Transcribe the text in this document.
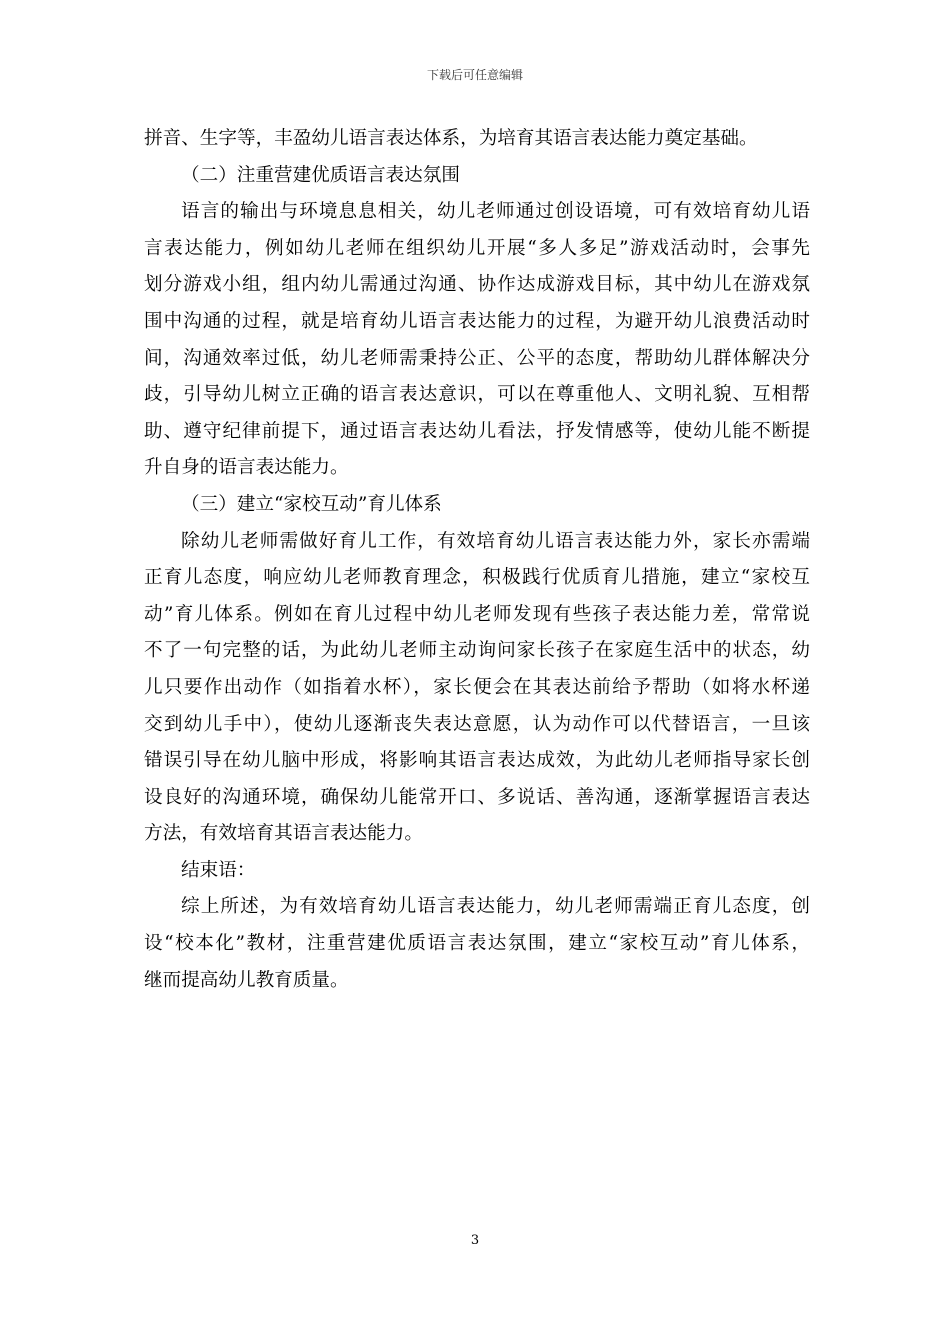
下载后可任意编辑
拼音、生字等，丰盈幼儿语言表达体系，为培育其语言表达能力奠定基础。
（二）注重营建优质语言表达氛围
语言的输出与环境息息相关，幼儿老师通过创设语境，可有效培育幼儿语
言表达能力，例如幼儿老师在组织幼儿开展“多人多足”游戏活动时，会事先
划分游戏小组，组内幼儿需通过沟通、协作达成游戏目标，其中幼儿在游戏氛
围中沟通的过程，就是培育幼儿语言表达能力的过程，为避开幼儿浪费活动时
间，沟通效率过低，幼儿老师需秉持公正、公平的态度，帮助幼儿群体解决分
歧，引导幼儿树立正确的语言表达意识，可以在尊重他人、文明礼貌、互相帮
助、遵守纪律前提下，通过语言表达幼儿看法，抒发情感等，使幼儿能不断提
升自身的语言表达能力。
（三）建立“家校互动”育儿体系
除幼儿老师需做好育儿工作，有效培育幼儿语言表达能力外，家长亦需端
正育儿态度，响应幼儿老师教育理念，积极践行优质育儿措施，建立“家校互
动”育儿体系。例如在育儿过程中幼儿老师发现有些孩子表达能力差，常常说
不了一句完整的话，为此幼儿老师主动询问家长孩子在家庭生活中的状态，幼
儿只要作出动作（如指着水杯），家长便会在其表达前给予帮助（如将水杯递
交到幼儿手中），使幼儿逐渐丧失表达意愿，认为动作可以代替语言，一旦该
错误引导在幼儿脑中形成，将影响其语言表达成效，为此幼儿老师指导家长创
设良好的沟通环境，确保幼儿能常开口、多说话、善沟通，逐渐掌握语言表达
方法，有效培育其语言表达能力。
结束语：
综上所述，为有效培育幼儿语言表达能力，幼儿老师需端正育儿态度，创
设“校本化”教材，注重营建优质语言表达氛围，建立“家校互动”育儿体系，
继而提高幼儿教育质量。
3
